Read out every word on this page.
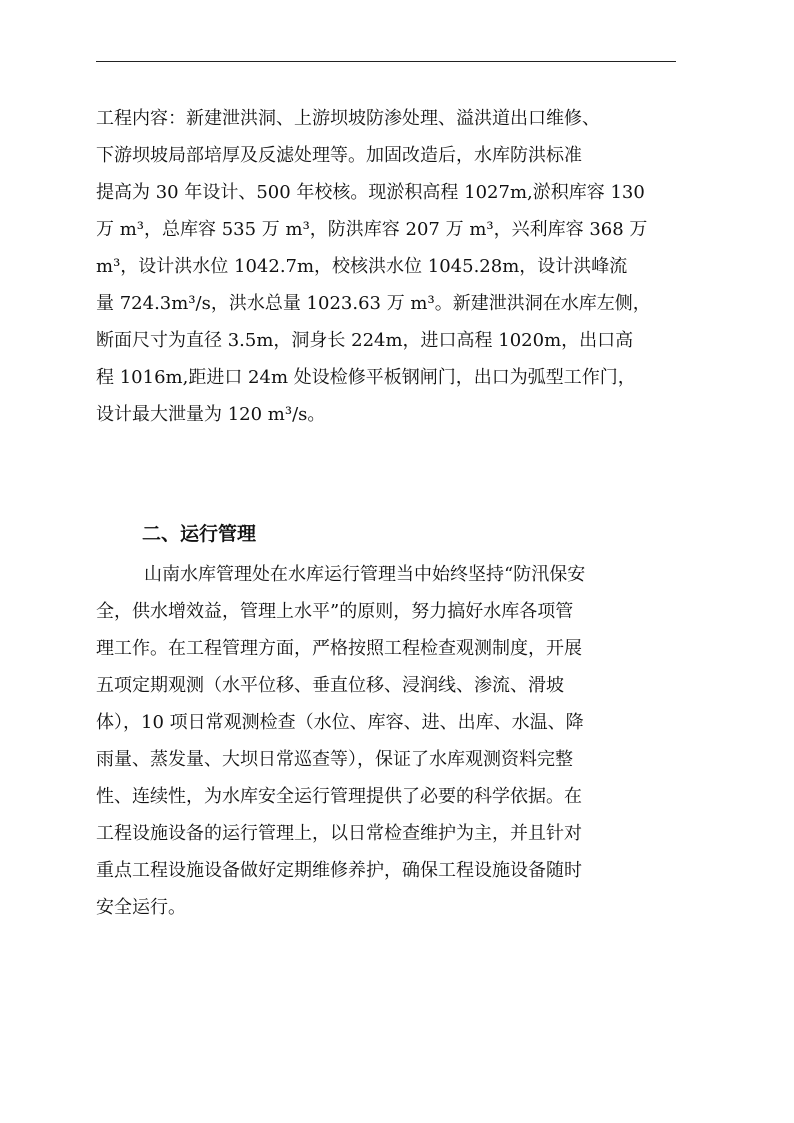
工程内容：新建泄洪洞、上游坝坡防渗处理、溢洪道出口维修、
下游坝坡局部培厚及反滤处理等。加固改造后，水库防洪标准
提高为 30 年设计、500 年校核。现淤积高程 1027m,淤积库容 130
万 m³，总库容 535 万 m³，防洪库容 207 万 m³，兴利库容 368 万
m³，设计洪水位 1042.7m，校核洪水位 1045.28m，设计洪峰流
量 724.3m³/s，洪水总量 1023.63 万 m³。新建泄洪洞在水库左侧，
断面尺寸为直径 3.5m，洞身长 224m，进口高程 1020m，出口高
程 1016m,距进口 24m 处设检修平板钢闸门，出口为弧型工作门，
设计最大泄量为 120 m³/s。
二、运行管理
山南水库管理处在水库运行管理当中始终坚持“防汛保安
全，供水增效益，管理上水平”的原则，努力搞好水库各项管
理工作。在工程管理方面，严格按照工程检查观测制度，开展
五项定期观测（水平位移、垂直位移、浸润线、渗流、滑坡
体），10 项日常观测检查（水位、库容、进、出库、水温、降
雨量、蒸发量、大坝日常巡查等），保证了水库观测资料完整
性、连续性，为水库安全运行管理提供了必要的科学依据。在
工程设施设备的运行管理上，以日常检查维护为主，并且针对
重点工程设施设备做好定期维修养护，确保工程设施设备随时
安全运行。
